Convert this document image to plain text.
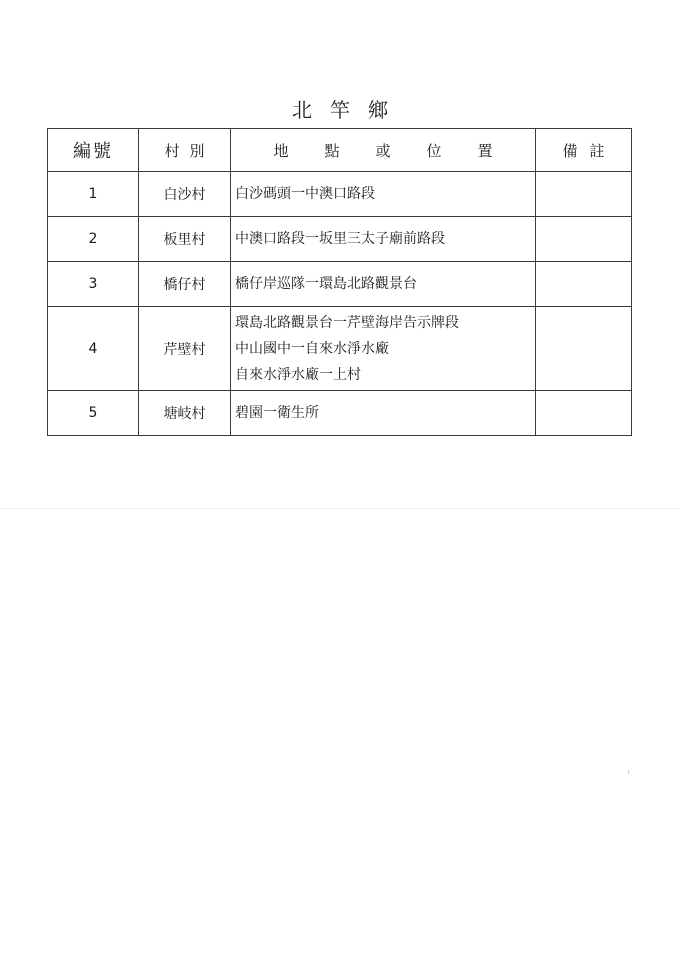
北竿鄉
編號	村別	地點或位置	備註
1	白沙村	白沙碼頭一中澳口路段	

2	板里村	中澳口路段一坂里三太子廟前路段	

3	橋仔村	橋仔岸巡隊一環島北路觀景台	

4	芹壁村	環島北路觀景台一芹壁海岸告示牌段
中山國中一自來水淨水廠
自來水淨水廠一上村	

5	塘岐村	碧園一衛生所	
